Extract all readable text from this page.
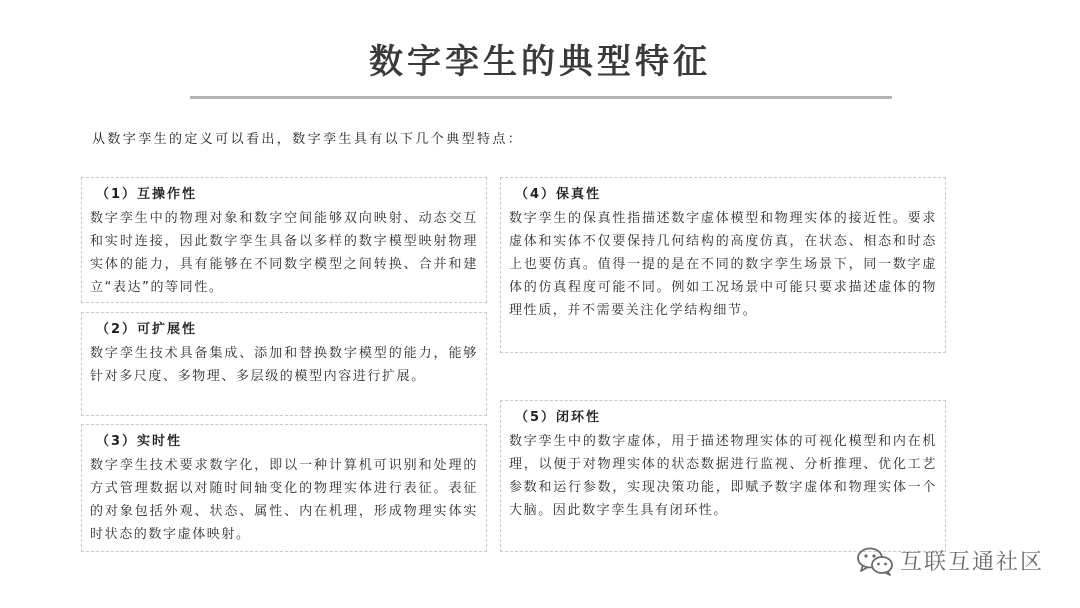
数字孪生的典型特征
从数字孪生的定义可以看出，数字孪生具有以下几个典型特点：
（1）互操作性
数字孪生中的物理对象和数字空间能够双向映射、动态交互和实时连接，因此数字孪生具备以多样的数字模型映射物理实体的能力，具有能够在不同数字模型之间转换、合并和建立“表达”的等同性。
（2）可扩展性
数字孪生技术具备集成、添加和替换数字模型的能力，能够针对多尺度、多物理、多层级的模型内容进行扩展。
（3）实时性
数字孪生技术要求数字化，即以一种计算机可识别和处理的方式管理数据以对随时间轴变化的物理实体进行表征。表征的对象包括外观、状态、属性、内在机理，形成物理实体实时状态的数字虚体映射。
（4）保真性
数字孪生的保真性指描述数字虚体模型和物理实体的接近性。要求虚体和实体不仅要保持几何结构的高度仿真，在状态、相态和时态上也要仿真。值得一提的是在不同的数字孪生场景下，同一数字虚体的仿真程度可能不同。例如工况场景中可能只要求描述虚体的物理性质，并不需要关注化学结构细节。
（5）闭环性
数字孪生中的数字虚体，用于描述物理实体的可视化模型和内在机理，以便于对物理实体的状态数据进行监视、分析推理、优化工艺参数和运行参数，实现决策功能，即赋予数字虚体和物理实体一个大脑。因此数字孪生具有闭环性。
互联互通社区
